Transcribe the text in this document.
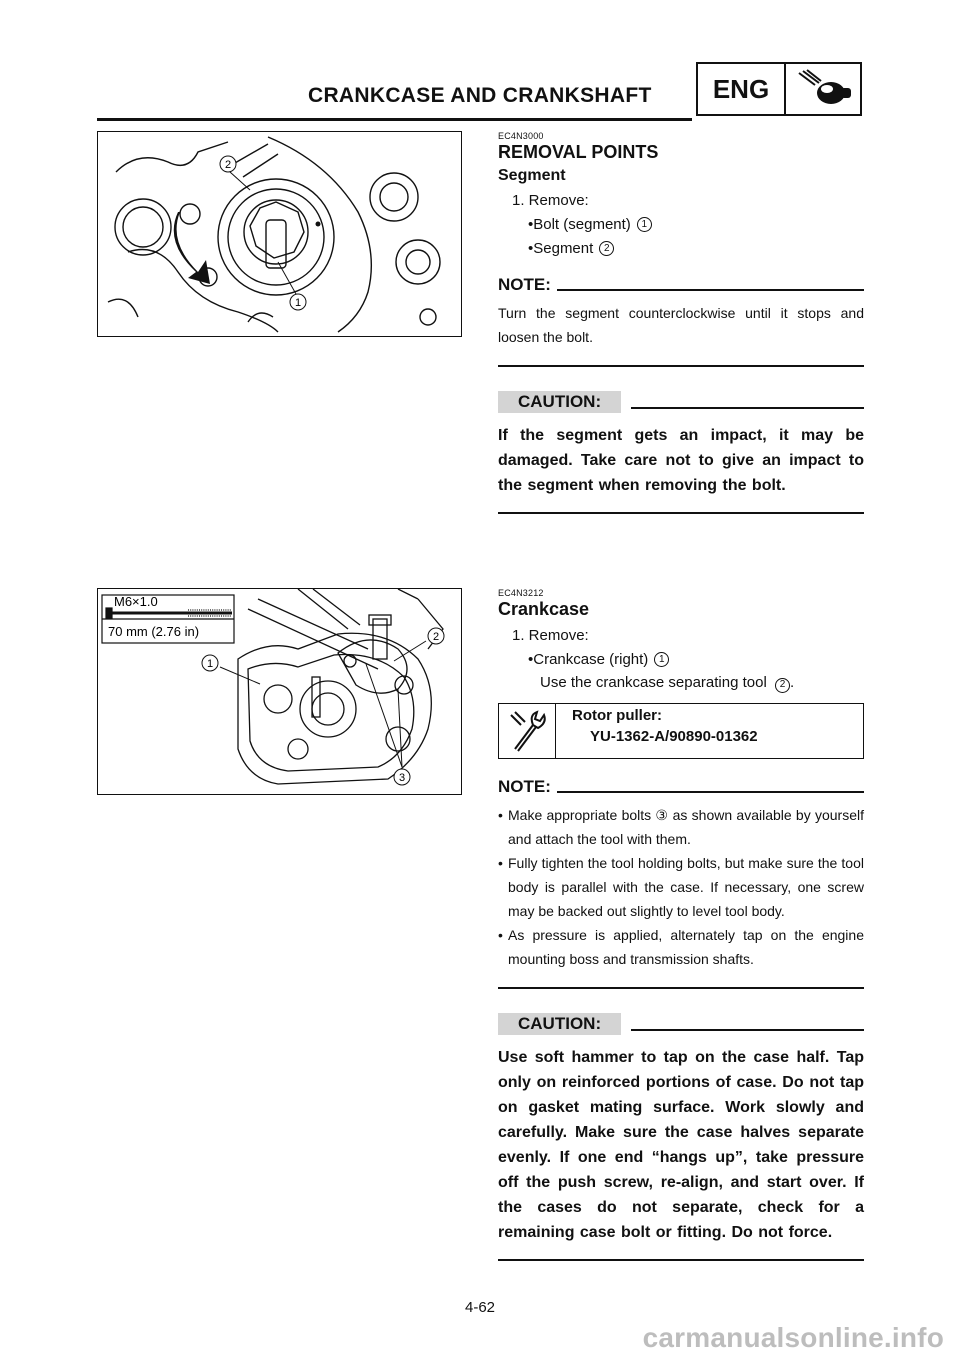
CRANKCASE AND CRANKSHAFT	ENG
2
1
M6×1.0
70 mm (2.76 in)
1
2
3
EC4N3000
REMOVAL POINTS
Segment
1. Remove:
•Bolt (segment)	1
•Segment	2
NOTE:
Turn the segment counterclockwise until it stops and loosen the bolt.
CAUTION:
If the segment gets an impact, it may be damaged. Take care not to give an impact to the segment when removing the bolt.
EC4N3212
Crankcase
1. Remove:
•Crankcase (right)	1
Use the crankcase separating tool 2 .
Rotor puller:
YU-1362-A/90890-01362
NOTE:
• Make appropriate bolts ③ as shown available by yourself and attach the tool with them.
• Fully tighten the tool holding bolts, but make sure the tool body is parallel with the case. If necessary, one screw may be backed out slightly to level tool body.
• As pressure is applied, alternately tap on the engine mounting boss and transmission shafts.
CAUTION:
Use soft hammer to tap on the case half. Tap only on reinforced portions of case. Do not tap on gasket mating surface. Work slowly and carefully. Make sure the case halves separate evenly. If one end “hangs up”, take pressure off the push screw, re-align, and start over. If the cases do not separate, check for a remaining case bolt or fitting. Do not force.
4-62
carmanualsonline.info
